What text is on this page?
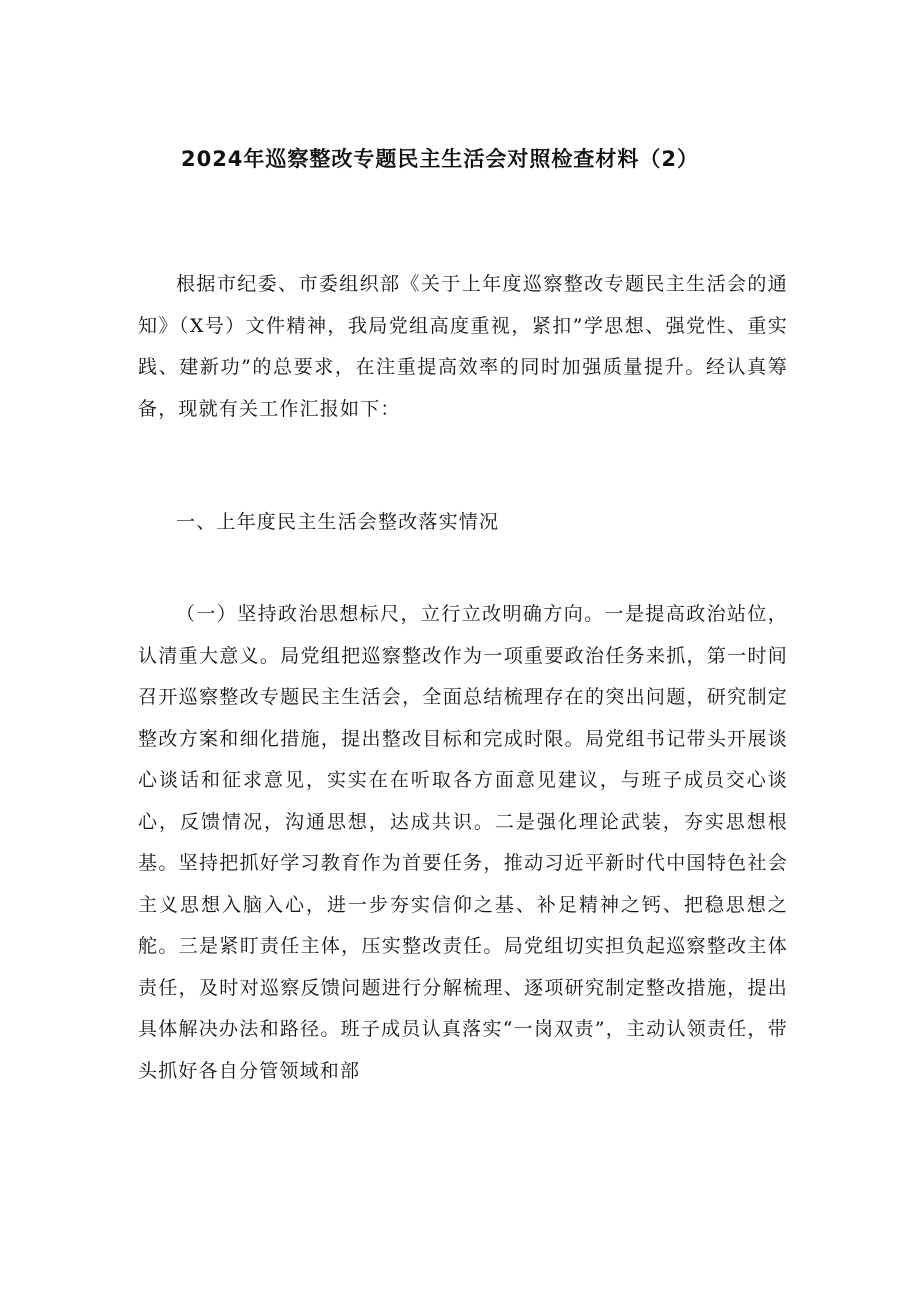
2024年巡察整改专题民主生活会对照检查材料（2）

根据市纪委、市委组织部《关于上年度巡察整改专题民主生活会的通知》（X号）文件精神，我局党组高度重视，紧扣”学思想、强党性、重实践、建新功”的总要求，在注重提高效率的同时加强质量提升。经认真筹备，现就有关工作汇报如下：

一、上年度民主生活会整改落实情况

（一）坚持政治思想标尺，立行立改明确方向。一是提高政治站位，认清重大意义。局党组把巡察整改作为一项重要政治任务来抓，第一时间召开巡察整改专题民主生活会，全面总结梳理存在的突出问题，研究制定整改方案和细化措施，提出整改目标和完成时限。局党组书记带头开展谈心谈话和征求意见，实实在在听取各方面意见建议，与班子成员交心谈心，反馈情况，沟通思想，达成共识。二是强化理论武装，夯实思想根基。坚持把抓好学习教育作为首要任务，推动习近平新时代中国特色社会主义思想入脑入心，进一步夯实信仰之基、补足精神之钙、把稳思想之舵。三是紧盯责任主体，压实整改责任。局党组切实担负起巡察整改主体责任，及时对巡察反馈问题进行分解梳理、逐项研究制定整改措施，提出具体解决办法和路径。班子成员认真落实“一岗双责”，主动认领责任，带头抓好各自分管领域和部
